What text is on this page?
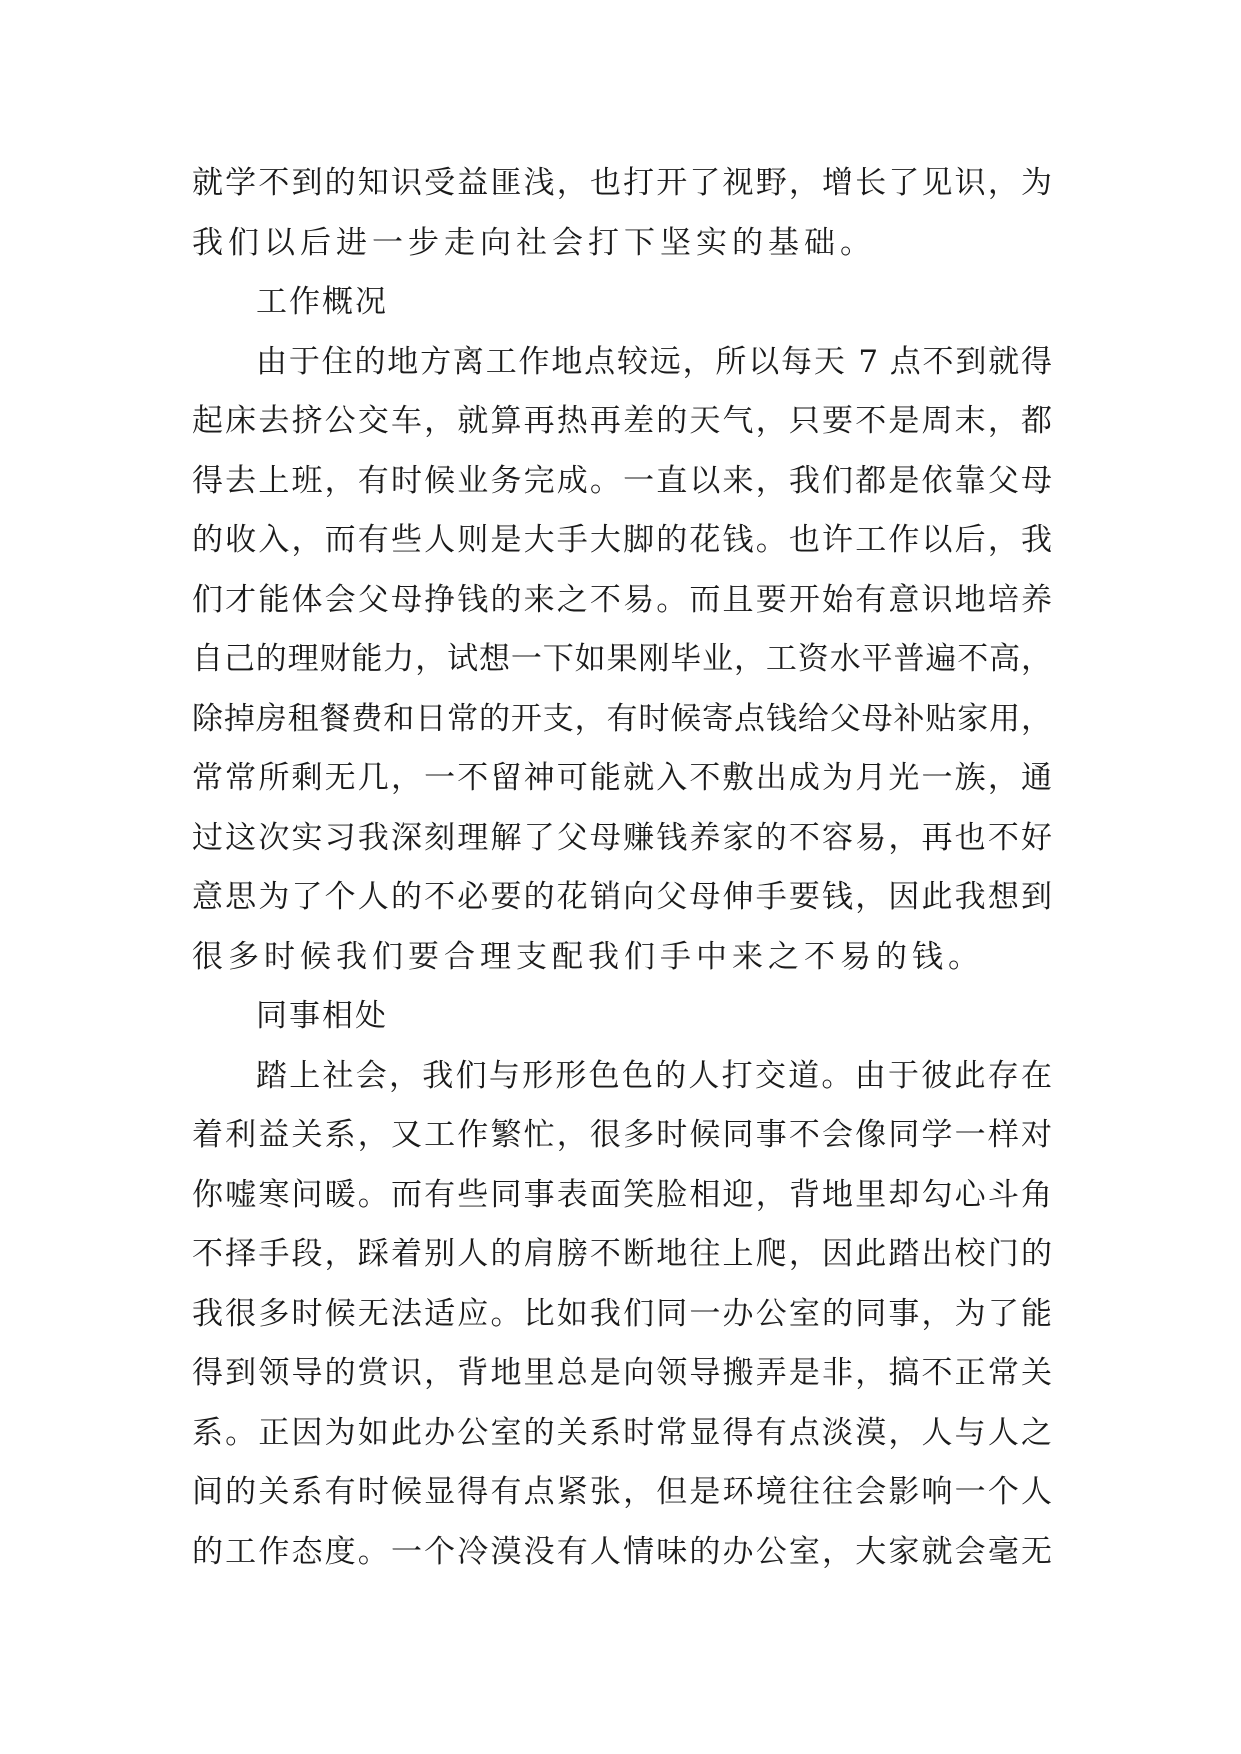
就学不到的知识受益匪浅，也打开了视野，增长了见识，为
我们以后进一步走向社会打下坚实的基础。
工作概况
由于住的地方离工作地点较远，所以每天 7 点不到就得
起床去挤公交车，就算再热再差的天气，只要不是周末，都
得去上班，有时候业务完成。一直以来，我们都是依靠父母
的收入，而有些人则是大手大脚的花钱。也许工作以后，我
们才能体会父母挣钱的来之不易。而且要开始有意识地培养
自己的理财能力，试想一下如果刚毕业，工资水平普遍不高，
除掉房租餐费和日常的开支，有时候寄点钱给父母补贴家用，
常常所剩无几，一不留神可能就入不敷出成为月光一族，通
过这次实习我深刻理解了父母赚钱养家的不容易，再也不好
意思为了个人的不必要的花销向父母伸手要钱，因此我想到
很多时候我们要合理支配我们手中来之不易的钱。
同事相处
踏上社会，我们与形形色色的人打交道。由于彼此存在
着利益关系，又工作繁忙，很多时候同事不会像同学一样对
你嘘寒问暖。而有些同事表面笑脸相迎，背地里却勾心斗角
不择手段，踩着别人的肩膀不断地往上爬，因此踏出校门的
我很多时候无法适应。比如我们同一办公室的同事，为了能
得到领导的赏识，背地里总是向领导搬弄是非，搞不正常关
系。正因为如此办公室的关系时常显得有点淡漠，人与人之
间的关系有时候显得有点紧张，但是环境往往会影响一个人
的工作态度。一个冷漠没有人情味的办公室，大家就会毫无
